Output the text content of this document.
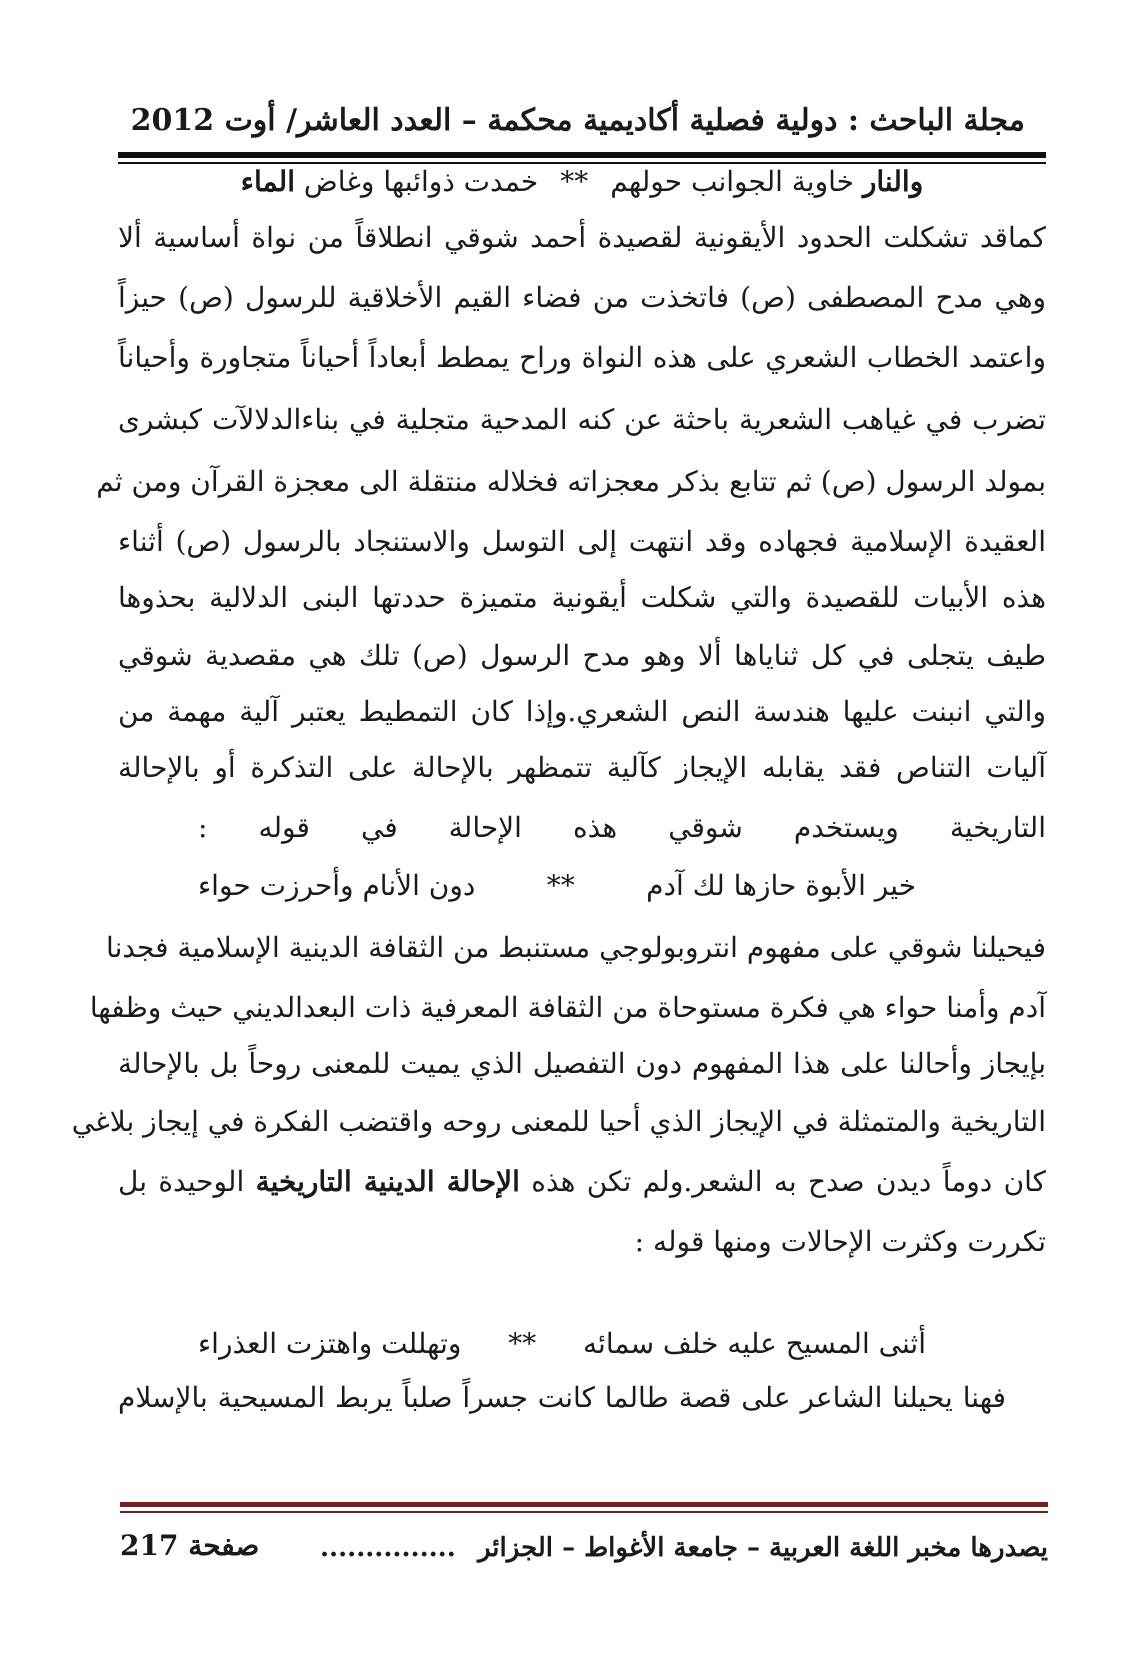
مجلة الباحث : دولية فصلية أكاديمية محكمة – العدد العاشر/ أوت 2012
والنار خاوية الجوانب حولهم
**
خمدت ذوائبها وغاض الماء
كماقد تشكلت الحدود الأيقونية لقصيدة أحمد شوقي انطلاقاً من نواة أساسية ألا
وهي مدح المصطفى (ص) فاتخذت من فضاء القيم الأخلاقية للرسول (ص) حيزاً
واعتمد الخطاب الشعري على هذه النواة وراح يمطط أبعاداً أحياناً متجاورة وأحياناً
تضرب في غياهب الشعرية باحثة عن كنه المدحية متجلية في بناءالدلالآت كبشرى
بمولد الرسول (ص) ثم تتابع بذكر معجزاته فخلاله منتقلة الى معجزة القرآن ومن ثم
العقيدة الإسلامية فجهاده وقد انتهت إلى التوسل والاستنجاد بالرسول (ص) أثناء
هذه الأبيات للقصيدة والتي شكلت أيقونية متميزة حددتها البنى الدلالية بحذوها
طيف يتجلى في كل ثناياها ألا وهو مدح الرسول (ص) تلك هي مقصدية شوقي
والتي انبنت عليها هندسة النص الشعري.وإذا كان التمطيط يعتبر آلية مهمة من
آليات التناص فقد يقابله الإيجاز كآلية تتمظهر بالإحالة على التذكرة أو بالإحالة
التاريخية ويستخدم شوقي هذه الإحالة في قوله :
خير الأبوة حازها لك آدم
**
دون الأنام وأحرزت حواء
فيحيلنا شوقي على مفهوم انتروبولوجي مستنبط من الثقافة الدينية الإسلامية فجدنا
آدم وأمنا حواء هي فكرة مستوحاة من الثقافة المعرفية ذات البعدالديني حيث وظفها
بإيجاز وأحالنا على هذا المفهوم دون التفصيل الذي يميت للمعنى روحاً بل بالإحالة
التاريخية والمتمثلة في الإيجاز الذي أحيا للمعنى روحه واقتضب الفكرة في إيجاز بلاغي
كان دوماً ديدن صدح به الشعر.ولم تكن هذه الإحالة الدينية التاريخية الوحيدة بل
تكررت وكثرت الإحالات ومنها قوله :
أثنى المسيح عليه خلف سمائه
**
وتهللت واهتزت العذراء
فهنا يحيلنا الشاعر على قصة طالما كانت جسراً صلباً يربط المسيحية بالإسلام
يصدرها مخبر اللغة العربية – جامعة الأغواط – الجزائر
...............
صفحة 217
